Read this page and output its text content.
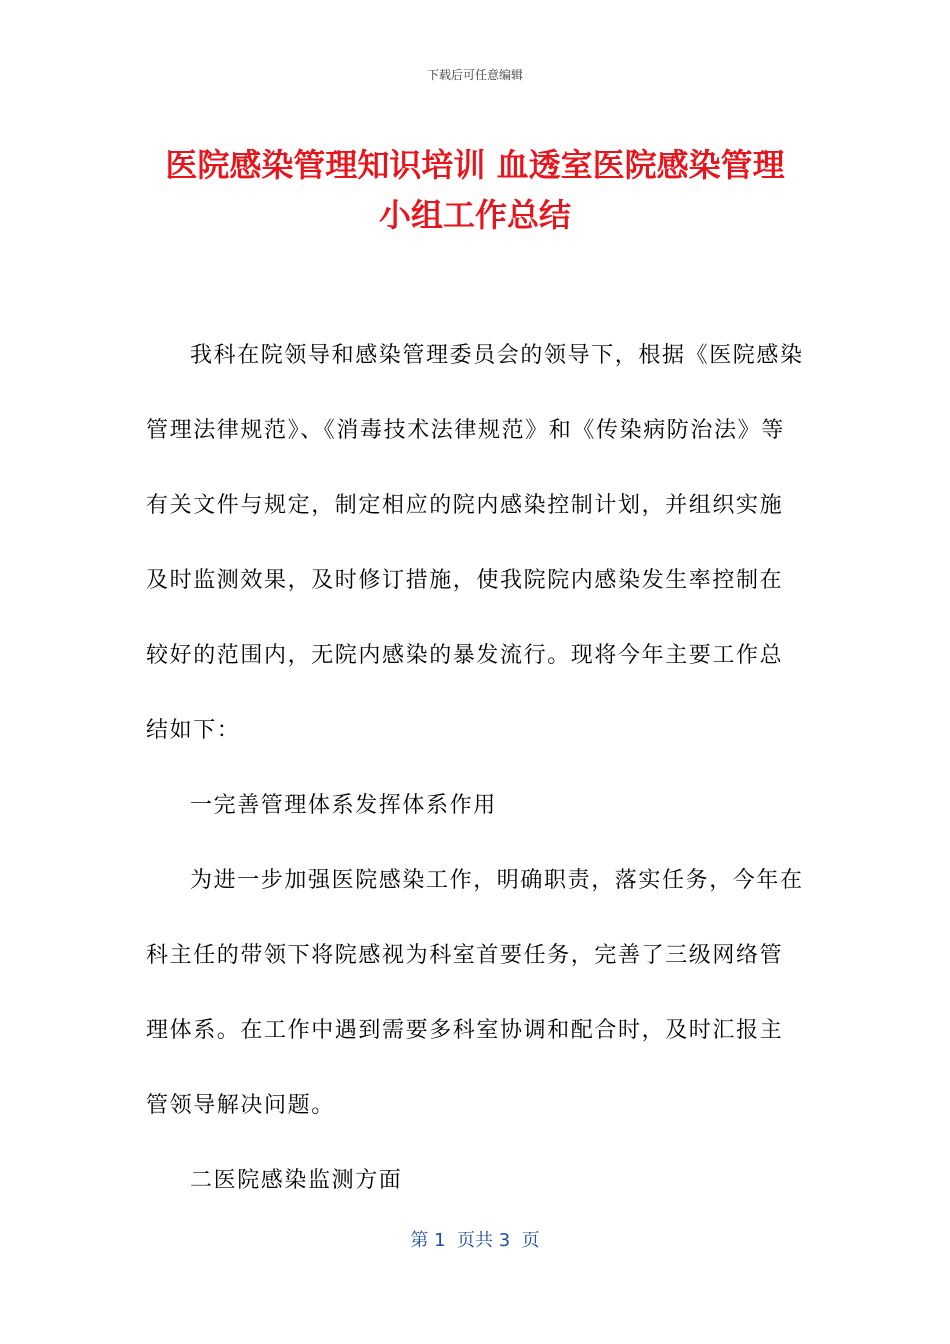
下载后可任意编辑
医院感染管理知识培训 血透室医院感染管理
小组工作总结

我科在院领导和感染管理委员会的领导下，根据《医院感染管理法律规范》、《消毒技术法律规范》和《传染病防治法》等有关文件与规定，制定相应的院内感染控制计划，并组织实施及时监测效果，及时修订措施，使我院院内感染发生率控制在较好的范围内，无院内感染的暴发流行。现将今年主要工作总结如下：

一完善管理体系发挥体系作用

为进一步加强医院感染工作，明确职责，落实任务，今年在科主任的带领下将院感视为科室首要任务，完善了三级网络管理体系。在工作中遇到需要多科室协调和配合时，及时汇报主管领导解决问题。

二医院感染监测方面

第 1  页共 3  页
